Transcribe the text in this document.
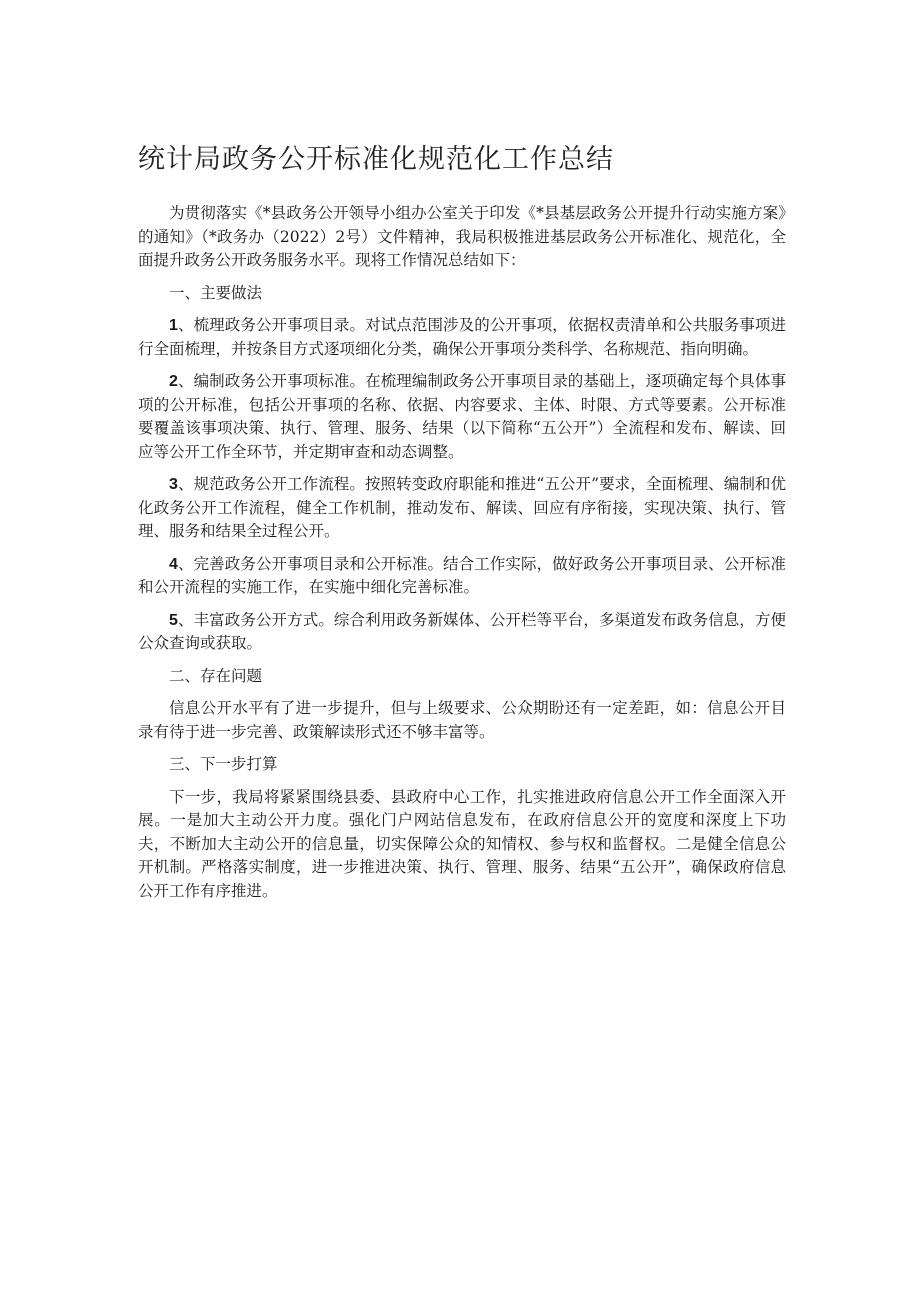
统计局政务公开标准化规范化工作总结

为贯彻落实《*县政务公开领导小组办公室关于印发《*县基层政务公开提升行动实施方案》的通知》（*政务办（2022）2号）文件精神，我局积极推进基层政务公开标准化、规范化，全面提升政务公开政务服务水平。现将工作情况总结如下：

一、主要做法

1、梳理政务公开事项目录。对试点范围涉及的公开事项，依据权责清单和公共服务事项进行全面梳理，并按条目方式逐项细化分类，确保公开事项分类科学、名称规范、指向明确。

2、编制政务公开事项标准。在梳理编制政务公开事项目录的基础上，逐项确定每个具体事项的公开标准，包括公开事项的名称、依据、内容要求、主体、时限、方式等要素。公开标准要覆盖该事项决策、执行、管理、服务、结果（以下简称“五公开”）全流程和发布、解读、回应等公开工作全环节，并定期审查和动态调整。

3、规范政务公开工作流程。按照转变政府职能和推进“五公开”要求，全面梳理、编制和优化政务公开工作流程，健全工作机制，推动发布、解读、回应有序衔接，实现决策、执行、管理、服务和结果全过程公开。

4、完善政务公开事项目录和公开标准。结合工作实际，做好政务公开事项目录、公开标准和公开流程的实施工作，在实施中细化完善标准。

5、丰富政务公开方式。综合利用政务新媒体、公开栏等平台，多渠道发布政务信息，方便公众查询或获取。

二、存在问题

信息公开水平有了进一步提升，但与上级要求、公众期盼还有一定差距，如：信息公开目录有待于进一步完善、政策解读形式还不够丰富等。

三、下一步打算

下一步，我局将紧紧围绕县委、县政府中心工作，扎实推进政府信息公开工作全面深入开展。一是加大主动公开力度。强化门户网站信息发布，在政府信息公开的宽度和深度上下功夫，不断加大主动公开的信息量，切实保障公众的知情权、参与权和监督权。二是健全信息公开机制。严格落实制度，进一步推进决策、执行、管理、服务、结果“五公开”，确保政府信息公开工作有序推进。
